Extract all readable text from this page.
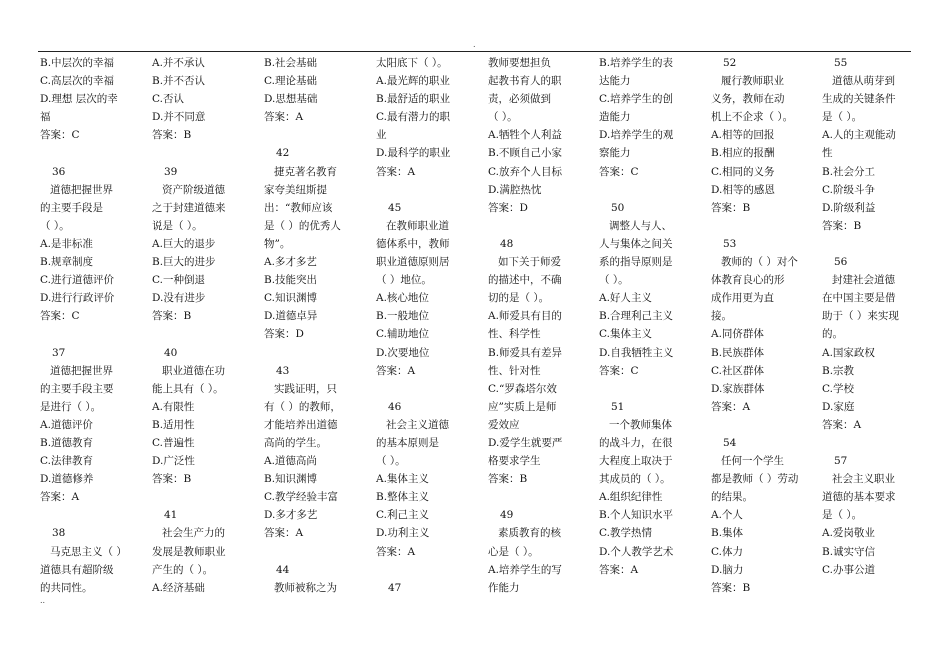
.
B.中层次的幸福
C.高层次的幸福
D.理想 层次的幸
福
答案：C
36
道德把握世界
的主要手段是
（ ）。
A.是非标准
B.规章制度
C.进行道德评价
D.进行行政评价
答案：C
37
道德把握世界
的主要手段主要
是进行（ ）。
A.道德评价
B.道德教育
C.法律教育
D.道德修养
答案：A
38
马克思主义（ ）
道德具有超阶级
的共同性。
A.并不承认
B.并不否认
C.否认
D.并不同意
答案：B
39
资产阶级道德
之于封建道德来
说是（ ）。
A.巨大的退步
B.巨大的进步
C.一种倒退
D.没有进步
答案：B
40
职业道德在功
能上具有（ ）。
A.有限性
B.适用性
C.普遍性
D.广泛性
答案：B
41
社会生产力的
发展是教师职业
产生的（ ）。
A.经济基础
B.社会基础
C.理论基础
D.思想基础
答案：A
42
捷克著名教育
家夸美纽斯提
出：“教师应该
是（ ）的优秀人
物”。
A.多才多艺
B.技能突出
C.知识渊博
D.道德卓异
答案：D
43
实践证明，只
有（ ）的教师，
才能培养出道德
高尚的学生。
A.道德高尚
B.知识渊博
C.教学经验丰富
D.多才多艺
答案：A
44
教师被称之为
太阳底下（ ）。
A.最光辉的职业
B.最舒适的职业
C.最有潜力的职
业
D.最科学的职业
答案：A
45
在教师职业道
德体系中，教师
职业道德原则居
（ ）地位。
A.核心地位
B.一般地位
C.辅助地位
D.次要地位
答案：A
46
社会主义道德
的基本原则是
（ ）。
A.集体主义
B.整体主义
C.利己主义
D.功利主义
答案：A
47
教师要想担负
起教书育人的职
责，必须做到
（ ）。
A.牺牲个人利益
B.不顾自己小家
C.放弃个人目标
D.满腔热忱
答案：D
48
如下关于师爱
的描述中，不确
切的是（ ）。
A.师爱具有目的
性、科学性
B.师爱具有差异
性、针对性
C.“罗森塔尔效
应”实质上是师
爱效应
D.爱学生就要严
格要求学生
答案：B
49
素质教育的核
心是（ ）。
A.培养学生的写
作能力
B.培养学生的表
达能力
C.培养学生的创
造能力
D.培养学生的观
察能力
答案：C
50
调整人与人、
人与集体之间关
系的指导原则是
（ ）。
A.好人主义
B.合理利己主义
C.集体主义
D.自我牺牲主义
答案：C
51
一个教师集体
的战斗力，在很
大程度上取决于
其成员的（ ）。
A.组织纪律性
B.个人知识水平
C.教学热情
D.个人教学艺术
答案：A
52
履行教师职业
义务，教师在动
机上不企求（ ）。
A.相等的回报
B.相应的报酬
C.相同的义务
D.相等的感恩
答案：B
53
教师的（ ）对个
体教育良心的形
成作用更为直
接。
A.同侪群体
B.民族群体
C.社区群体
D.家族群体
答案：A
54
任何一个学生
都是教师（ ）劳动
的结果。
A.个人
B.集体
C.体力
D.脑力
答案：B
55
道德从萌芽到
生成的关键条件
是（ ）。
A.人的主观能动
性
B.社会分工
C.阶级斗争
D.阶级利益
答案：B
56
封建社会道德
在中国主要是借
助于（ ）来实现
的。
A.国家政权
B.宗教
C.学校
D.家庭
答案：A
57
社会主义职业
道德的基本要求
是（ ）。
A.爱岗敬业
B.诚实守信
C.办事公道
..
